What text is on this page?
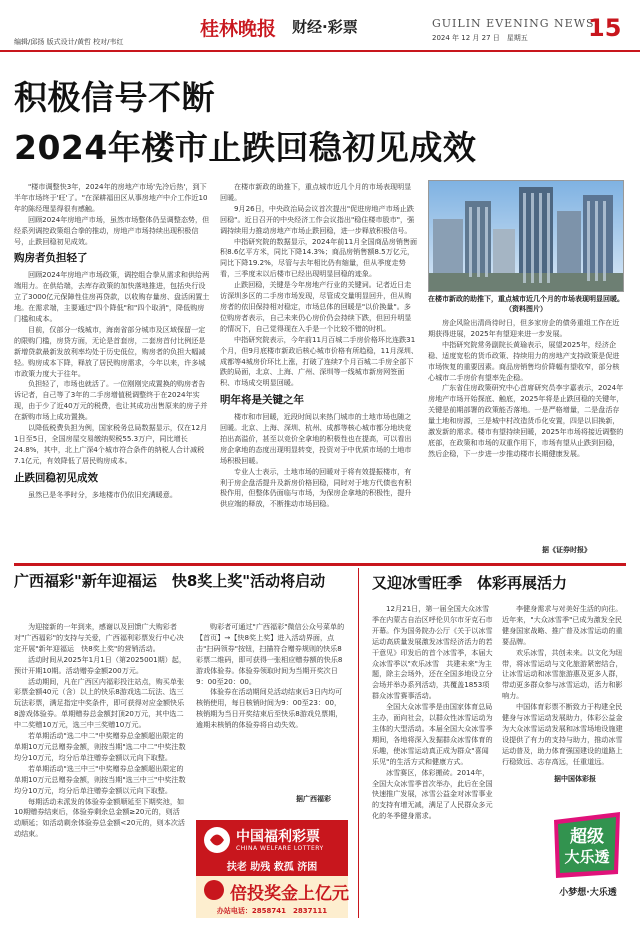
编辑/邱扬 版式设计/黄哲 校对/韦红
桂林晚报 财经·彩票	GUILIN EVENING NEWS
2024 年 12 月 27 日　星期五	15
积极信号不断
2024年楼市止跌回稳初见成效

"楼市调整快3年，2024年的房地产市场'先冷后热'，到下半年市场终于'旺'了。"在深耕福田区从事房地产中介工作近10年的陈经理显得很有感触。

回顾2024年房地产市场，虽然市场整体仍呈调整态势，但经系列调控政策组合拳的推动，房地产市场持续出现积极信号，止跌回稳初见成效。

购房者负担轻了

回顾2024年房地产市场政策，调控组合拳从需求和供给两端用力。在供给端，去库存政策的加快落地推进，包括央行设立了3000亿元保障性住房再贷款，以收购存量房、盘活闲置土地。在需求端，主要通过"四个降低"和"四个取消"，降低购房门槛和成本。

目前，仅部分一线城市，海南省部分城市及区域保留一定的限购门槛，房贷方面，无论是首套房，二套房首付比例还是新增贷款最新发放利率均处于历史低位，购房者的负担大幅减轻。购房成本下降，释放了居民购房需求，今年以来，许多城市政策力度大于往年。

负担轻了，市场也就活了。一位刚刚完成置换的购房者告诉记者，自己等了3年的二手房增值税调整终于在2024年实现，由于少了近40万元的税费，也让其成功出售原来的房子并在新购市场上成功置换。

以降低税费负担为例，国家税务总局数据显示，仅在12月1日至5日，全国房屋交易缴纳契税55.3万户，同比增长24.8%，其中，北上广深4个城市符合条件的纳税人合计减税7.1亿元，有效降低了居民购房成本。

止跌回稳初见成效

虽然已是冬季时分，多地楼市仍依旧充满暖意。

在楼市新政的助推下，重点城市近几个月的市场表现明显回暖。

9月26日，中央政治局会议首次提出"促进房地产市场止跌回稳"。近日召开的中央经济工作会议指出"稳住楼市股市"，强调持续用力推动房地产市场止跌回稳，进一步释放积极信号。

中指研究院的数据显示，2024年前11月全国商品房销售面积8.6亿平方米，同比下降14.3%；商品房销售额8.5万亿元，同比下降19.2%，尽管与去年相比仍有缩量，但从季度走势看，三季度末以后楼市已经出现明显回稳的迹象。

止跌回稳，关键是今年房地产行业的关键词。记者近日走访深圳多区的二手房市场发现，尽管成交量明显回升，但从购房者的依旧保持相对稳定，市场总体的回暖是"以价换量"。多位购房者表示，自己未来仍心房价仍会持续下跌，但回升明显的情况下，自己觉得现在入手是一个比较不错的时机。

中指研究院表示，今年前11月百城二手房价格环比连跌31个月，但9月底楼市新政后核心城市价格有所趋稳，11月深圳、成都等4城房价环比上涨，打破了连续7个月百城二手房全部下跌的局面，北京、上海、广州、深圳等一线城市新房网签面积、市场成交明显回暖。

明年将是关键之年

楼市和市回暖，近段时间以来热门城市的土地市场也随之回暖。北京、上海、深圳、杭州、成都等核心城市都分地块竞拍出高溢价，甚至以竞价全拿地的积极性也在提高，可以看出房企拿地的态度出现明显转变，投资对于中优质市场的土地市场积极回暖。

专业人士表示，土地市场的回暖对于将有效提振楼市，有利于房企盘活提升及新房价格回稳，同时对于地方代债也有积极作用，但整体仍面临与市场，为保房企拿地的积极性，提升供应端的释放，不断推动市场回稳。

在楼市新政的助推下，重点城市近几个月的市场表现明显回暖。（资料图片）

房企风险出清尚待时日，但多家房企的债务重组工作在近期获得进展，2025年有望迎来进一步发展。

中指研究院常务副院长黄瑜表示，展望2025年，经济企稳、适度宽松的货币政策、持续用力的房地产支持政策是促进市场恢复的重要因素。商品房销售均价降幅有望收窄，部分核心城市二手房价有望率先企稳。

广东省住房政策研究中心首席研究员李宇嘉表示，2024年房地产市场开始探底、触底，2025年将是止跌回稳的关键年，关键是前期部署的政策能否落地。一是严格增量，二是盘活存量土地和房源，三是城中村改造货币化安置，四是以旧换新，激发新的需求。楼市有望持续回暖，2025年市场将接近调整的底部，在政策和市场的双重作用下，市场有望从止跌到回稳，然后企稳，下一步进一步推动楼市长期健康发展。

据《证券时报》
广西福彩"新年迎福运　快8奖上奖"活动将启动

为迎接新的一年到来，感谢以及回馈广大购彩者对"广西福彩"的支持与关爱，广西福利彩票发行中心决定开展"新年迎福运　快8奖上奖"的营销活动。

活动时间从2025年1月1日（第2025001期）起，预计开期10期。活动赠券金额200万元。

活动期间，凡在广西区内福彩投注站点，购买单张彩票金额40元（含）以上的快乐8游戏选二玩法、选三玩法彩票，满足指定中奖条件，即可获得对应金额快乐8游戏体验券。单期赠券总金额封顶20万元，其中选二中二奖赠10万元，选三中三奖赠10万元。

若单期活动"选二中二"中奖赠券总金额超出限定的单期10万元总赠券金额，则按当期"选二中二"中奖注数均分10万元，均分后单注赠券金额以元向下取整。

若单期活动"选三中三"中奖赠券总金额超出限定的单期10万元总赠券金额，则按当期"选三中三"中奖注数均分10万元，均分后单注赠券金额以元向下取整。

每期活动未派发的体验券金额顺延至下期奖池，如10期赠券结束后，体验券剩余总金额≥20元的，则活动顺延；如活动剩余体验券总金额<20元的，则本次活动结束。

购彩者可通过"广西福彩"微信公众号菜单的【首页】→【快8奖上奖】进入活动界面，点击"扫码领券"按钮，扫描符合赠券规则的快乐8彩票二维码，即可获得一张相应赠券额的快乐8游戏体验券。体验券领取时间为当期开奖次日9：00至20：00。

体验券在活动期间兑活动结束后3日内均可核销使用，每日核销时间为9：00至23：00，核销期为当日开奖结束后至快乐8游戏兑票期，逾期未核销的体验券将自动失效。

据广西福彩
中国福利彩票
CHINA WELFARE LOTTERY
扶老 助残 救孤 济困
倍投奖金上亿元
办站电话：2858741　2837111
又迎冰雪旺季　体彩再展活力

12月21日，第一届全国大众冰雪季在内蒙古自治区呼伦贝尔市牙克石市开幕。作为国务院办公厅《关于以冰雪运动高质量发展激发冰雪经济活力的若干意见》印发后的首个冰雪季，本届大众冰雪季以"欢乐冰雪　共建未来"为主题，除主会场外，还在全国多地设立分会场并举办系列活动，共覆盖1853项群众冰雪赛事活动。

全国大众冰雪季是由国家体育总局主办，面向社会，以群众性冰雪运动为主体的大型活动。本届全国大众冰雪季期间，各地将深入发掘群众冰雪体育的乐趣，使冰雪运动真正成为群众"喜闻乐见"的生活方式和健康方式。

冰雪赛区，体彩搬砖。2014年，全国大众冰雪季首次举办，此后在全国快速推广发展，冰雪公益金对冰雪事业的支持有增无减，满足了人民群众多元化的冬季健身需求。

李健身需求与对美好生活的向往。近年来，"大众冰雪季"已成为激发全民健身国家战略、推广普及冰雪运动的重要品牌。

欢乐冰雪，共创未来。以文化为纽带，将冰雪运动与文化旅游紧密结合，让冰雪运动和冰雪旅游惠及更多人群，带动更多群众参与冰雪运动，活力和影响力。

中国体育彩票不断致力于构建全民健身与冰雪运动发展助力，体彩公益金为大众冰雪运动发展和冰雪场地设施建设提供了有力的支持与助力，推动冰雪运动普及，助力体育强国建设的道路上行稳致远、志存高远，任重道远。

据中国体彩报
超级
大乐透
小梦想·大乐透
